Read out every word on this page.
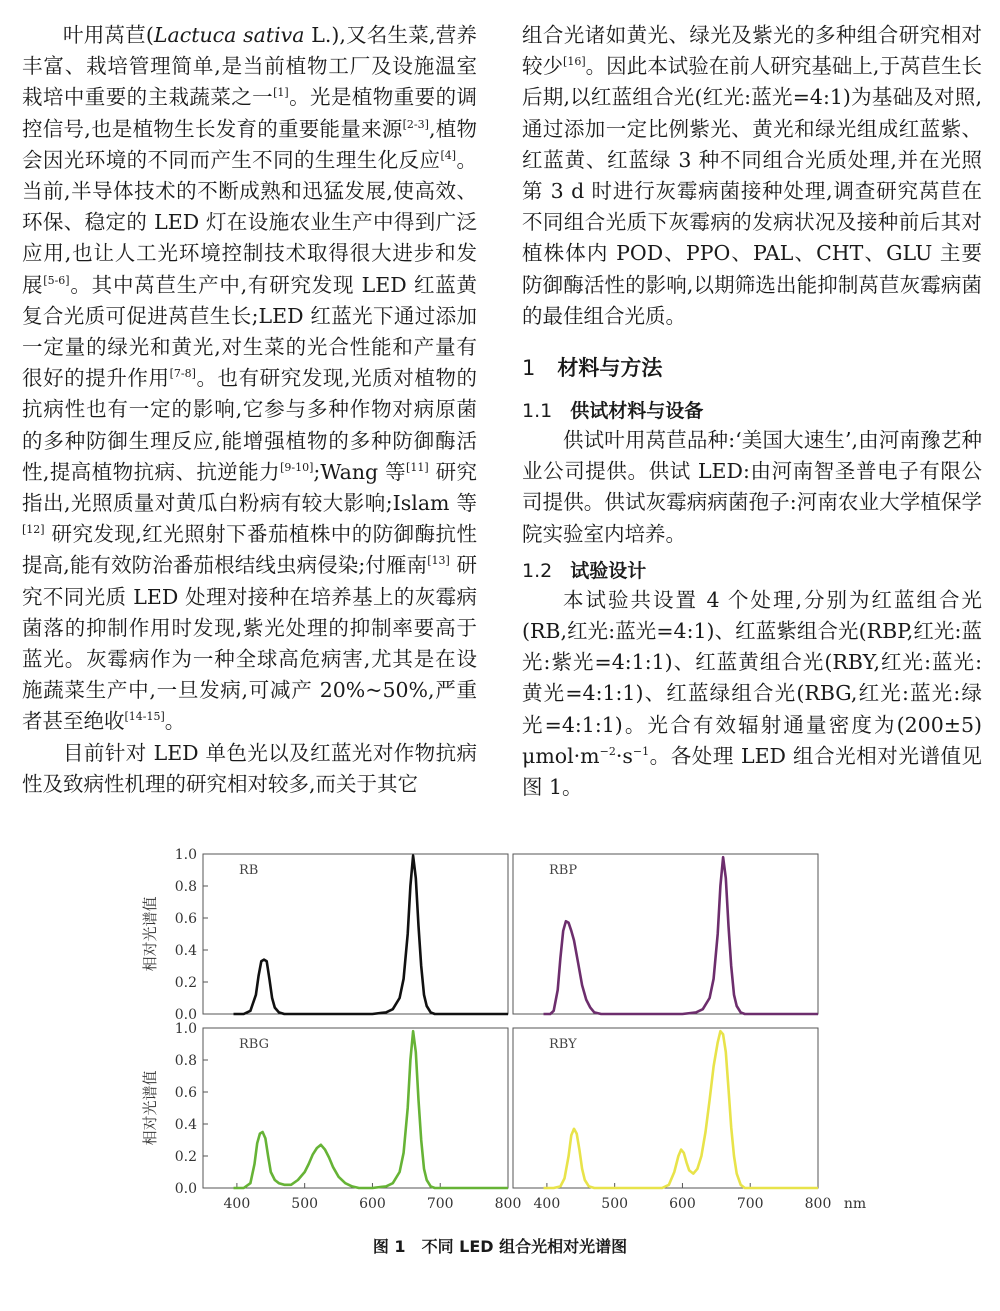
叶用莴苣(Lactuca sativa L.),又名生菜,营养丰富、栽培管理简单,是当前植物工厂及设施温室栽培中重要的主栽蔬菜之一[1]。光是植物重要的调控信号,也是植物生长发育的重要能量来源[2-3],植物会因光环境的不同而产生不同的生理生化反应[4]。当前,半导体技术的不断成熟和迅猛发展,使高效、环保、稳定的 LED 灯在设施农业生产中得到广泛应用,也让人工光环境控制技术取得很大进步和发展[5-6]。其中莴苣生产中,有研究发现 LED 红蓝黄复合光质可促进莴苣生长;LED 红蓝光下通过添加一定量的绿光和黄光,对生菜的光合性能和产量有很好的提升作用[7-8]。也有研究发现,光质对植物的抗病性也有一定的影响,它参与多种作物对病原菌的多种防御生理反应,能增强植物的多种防御酶活性,提高植物抗病、抗逆能力[9-10];Wang 等[11] 研究指出,光照质量对黄瓜白粉病有较大影响;Islam 等[12] 研究发现,红光照射下番茄植株中的防御酶抗性提高,能有效防治番茄根结线虫病侵染;付雁南[13] 研究不同光质 LED 处理对接种在培养基上的灰霉病菌落的抑制作用时发现,紫光处理的抑制率要高于蓝光。灰霉病作为一种全球高危病害,尤其是在设施蔬菜生产中,一旦发病,可减产 20%~50%,严重者甚至绝收[14-15]。

目前针对 LED 单色光以及红蓝光对作物抗病性及致病性机理的研究相对较多,而关于其它

组合光诸如黄光、绿光及紫光的多种组合研究相对较少[16]。因此本试验在前人研究基础上,于莴苣生长后期,以红蓝组合光(红光:蓝光=4:1)为基础及对照,通过添加一定比例紫光、黄光和绿光组成红蓝紫、红蓝黄、红蓝绿 3 种不同组合光质处理,并在光照第 3 d 时进行灰霉病菌接种处理,调查研究莴苣在不同组合光质下灰霉病的发病状况及接种前后其对植株体内 POD、PPO、PAL、CHT、GLU 主要防御酶活性的影响,以期筛选出能抑制莴苣灰霉病菌的最佳组合光质。

1 材料与方法
1.1 供试材料与设备

供试叶用莴苣品种:‘美国大速生’,由河南豫艺种业公司提供。供试 LED:由河南智圣普电子有限公司提供。供试灰霉病病菌孢子:河南农业大学植保学院实验室内培养。

1.2 试验设计

本试验共设置 4 个处理,分别为红蓝组合光(RB,红光:蓝光=4:1)、红蓝紫组合光(RBP,红光:蓝光:紫光=4:1:1)、红蓝黄组合光(RBY,红光:蓝光:黄光=4:1:1)、红蓝绿组合光(RBG,红光:蓝光:绿光=4:1:1)。光合有效辐射通量密度为(200±5) $\mu mol\cdot m^{-2}\cdot s^{-1}$。各处理 LED 组合光相对光谱值见图 1。

0.0
0.2
0.4
0.6
0.8
1.0
相对光谱值
RB	RBP
0.0
0.2
0.4
0.6
0.8
1.0
相对光谱值
400	500	600	700	800
RBG
400	500	600	700	800
RBY
nm
图 1 不同 LED 组合光相对光谱图
